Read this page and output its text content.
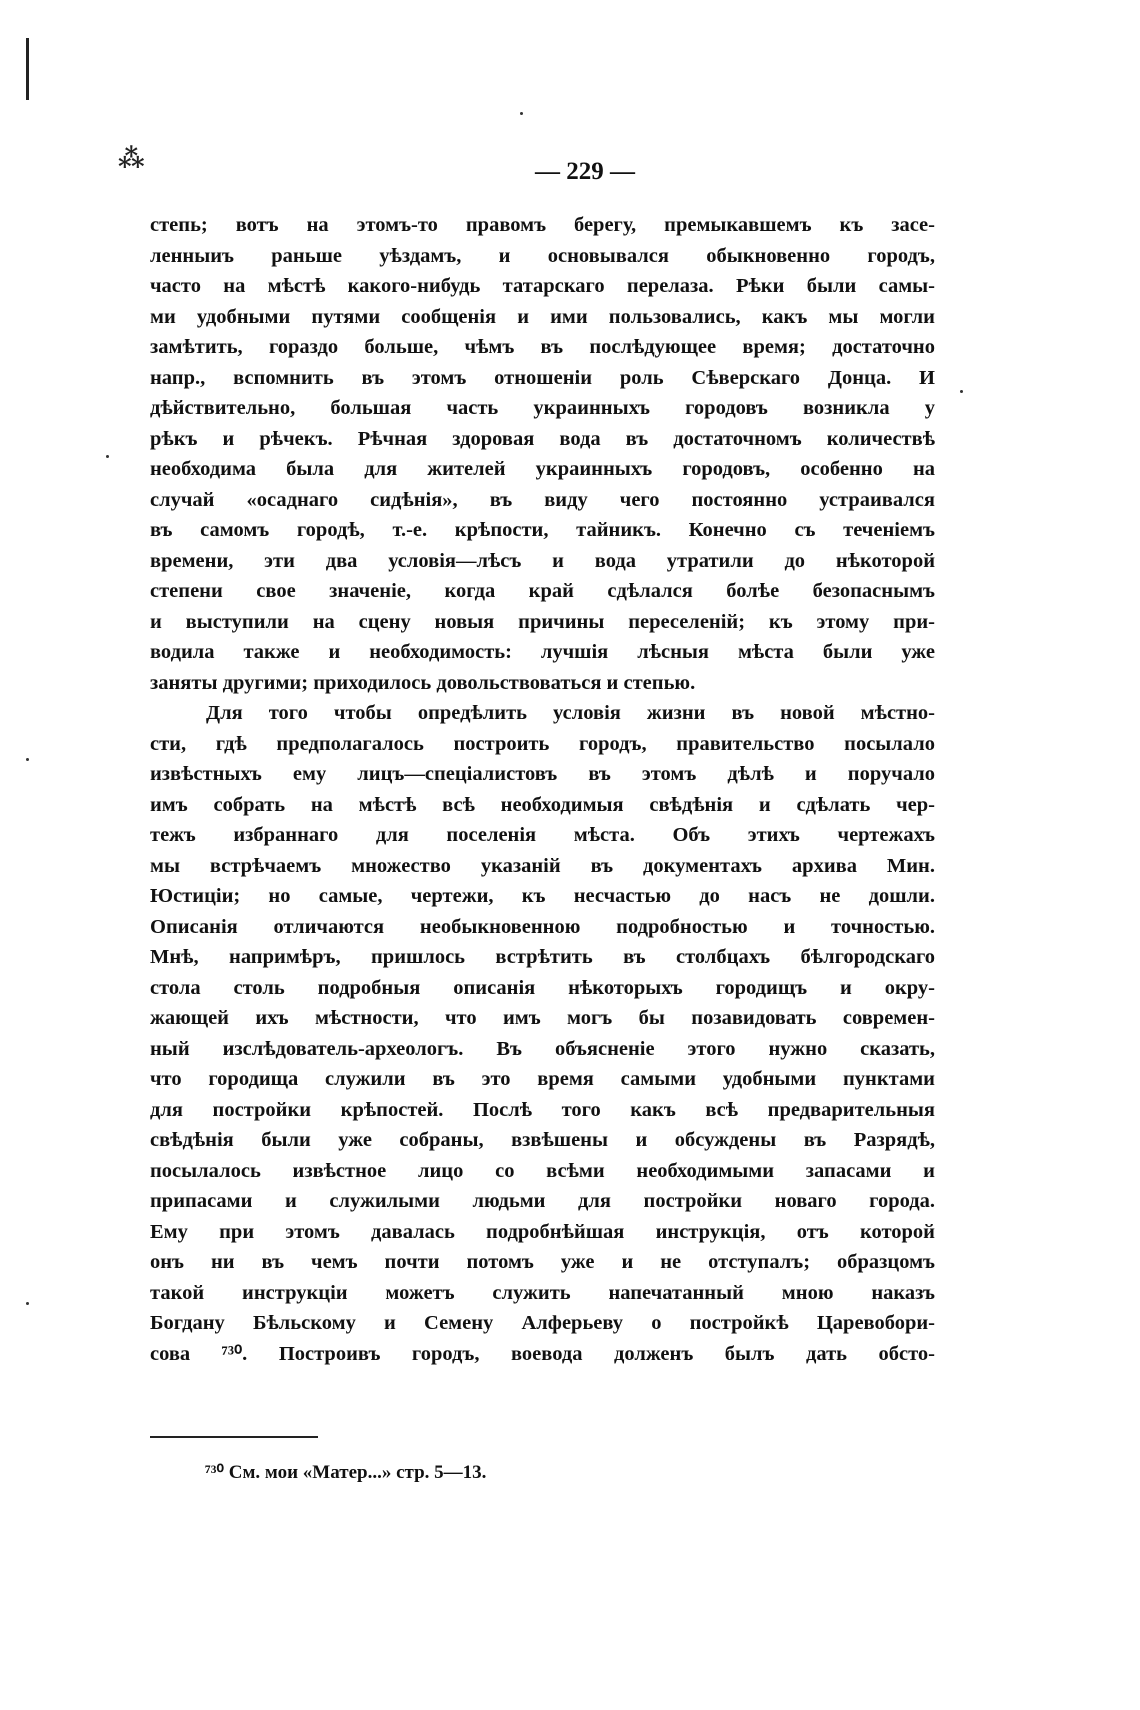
⁂	— 229 —
степь; вотъ на этомъ-то правомъ берегу, премыкавшемъ къ засе-
ленныиъ раньше уѣздамъ, и основывался обыкновенно городъ,
часто на мѣстѣ какого-нибудь татарскаго перелаза. Рѣки были самы-
ми удобными путями сообщенія и ими пользовались, какъ мы могли
замѣтить, гораздо больше, чѣмъ въ послѣдующее время; достаточно
напр., вспомнить въ этомъ отношеніи роль Сѣверскаго Донца. И
дѣйствительно, большая часть украинныхъ городовъ возникла у
рѣкъ и рѣчекъ. Рѣчная здоровая вода въ достаточномъ количествѣ
необходима была для жителей украинныхъ городовъ, особенно на
случай «осаднаго сидѣнія», въ виду чего постоянно устраивался
въ самомъ городѣ, т.-е. крѣпости, тайникъ. Конечно съ теченіемъ
времени, эти два условія—лѣсъ и вода утратили до нѣкоторой
степени свое значеніе, когда край сдѣлался болѣе безопаснымъ
и выступили на сцену новыя причины переселеній; къ этому при-
водила также и необходимость: лучшія лѣсныя мѣста были уже
заняты другими; приходилось довольствоваться и степью.
Для того чтобы опредѣлить условія жизни въ новой мѣстно-
сти, гдѣ предполагалось построить городъ, правительство посылало
извѣстныхъ ему лицъ—спеціалистовъ въ этомъ дѣлѣ и поручало
имъ собрать на мѣстѣ всѣ необходимыя свѣдѣнія и сдѣлать чер-
тежъ избраннаго для поселенія мѣста. Объ этихъ чертежахъ
мы встрѣчаемъ множество указаній въ документахъ архива Мин.
Юстиціи; но самые, чертежи, къ несчастью до насъ не дошли.
Описанія отличаются необыкновенною подробностью и точностью.
Мнѣ, напримѣръ, пришлось встрѣтить въ столбцахъ бѣлгородскаго
стола столь подробныя описанія нѣкоторыхъ городищъ и окру-
жающей ихъ мѣстности, что имъ могъ бы позавидовать современ-
ный изслѣдователь-археологъ. Въ объясненіе этого нужно сказать,
что городища служили въ это время самыми удобными пунктами
для постройки крѣпостей. Послѣ того какъ всѣ предварительныя
свѣдѣнія были уже собраны, взвѣшены и обсуждены въ Разрядѣ,
посылалось извѣстное лицо со всѣми необходимыми запасами и
припасами и служилыми людьми для постройки новаго города.
Ему при этомъ давалась подробнѣйшая инструкція, отъ которой
онъ ни въ чемъ почти потомъ уже и не отступалъ; образцомъ
такой инструкціи можетъ служить напечатанный мною наказъ
Богдану Бѣльскому и Семену Алферьеву о постройкѣ Царевобори-
сова ⁷³⁰. Построивъ городъ, воевода долженъ былъ дать обсто-
⁷³⁰ См. мои «Матер...» стр. 5—13.
